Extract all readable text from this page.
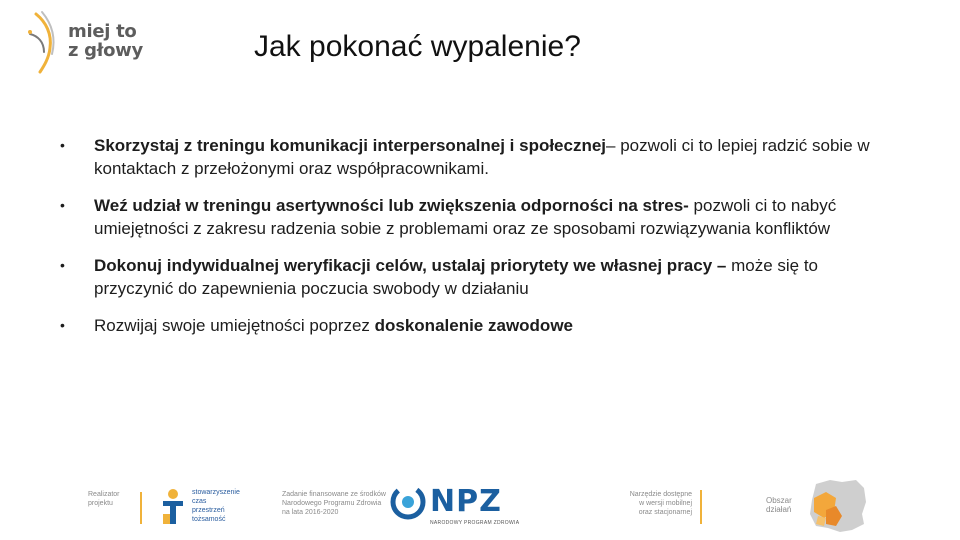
miej to
z głowy	Jak pokonać wypalenie?
• Skorzystaj z treningu komunikacji interpersonalnej i społecznej– pozwoli ci to lepiej radzić sobie w kontaktach z przełożonymi oraz współpracownikami.
• Weź udział w treningu asertywności lub zwiększenia odporności na stres- pozwoli ci to nabyć umiejętności z zakresu radzenia sobie z problemami oraz ze sposobami rozwiązywania konfliktów
• Dokonuj indywidualnej weryfikacji celów, ustalaj priorytety we własnej pracy – może się to przyczynić do zapewnienia poczucia swobody w działaniu
• Rozwijaj swoje umiejętności poprzez doskonalenie zawodowe

Realizator

projektu

stowarzyszenie

czas

przestrzeń

tożsamość

Zadanie finansowane ze środków

Narodowego Programu Zdrowia

na lata 2016-2020	NPZ
NARODOWY PROGRAM ZDROWIA

Narzędzie dostępne

w wersji mobilnej

oraz stacjonarnej

Obszar

działań
